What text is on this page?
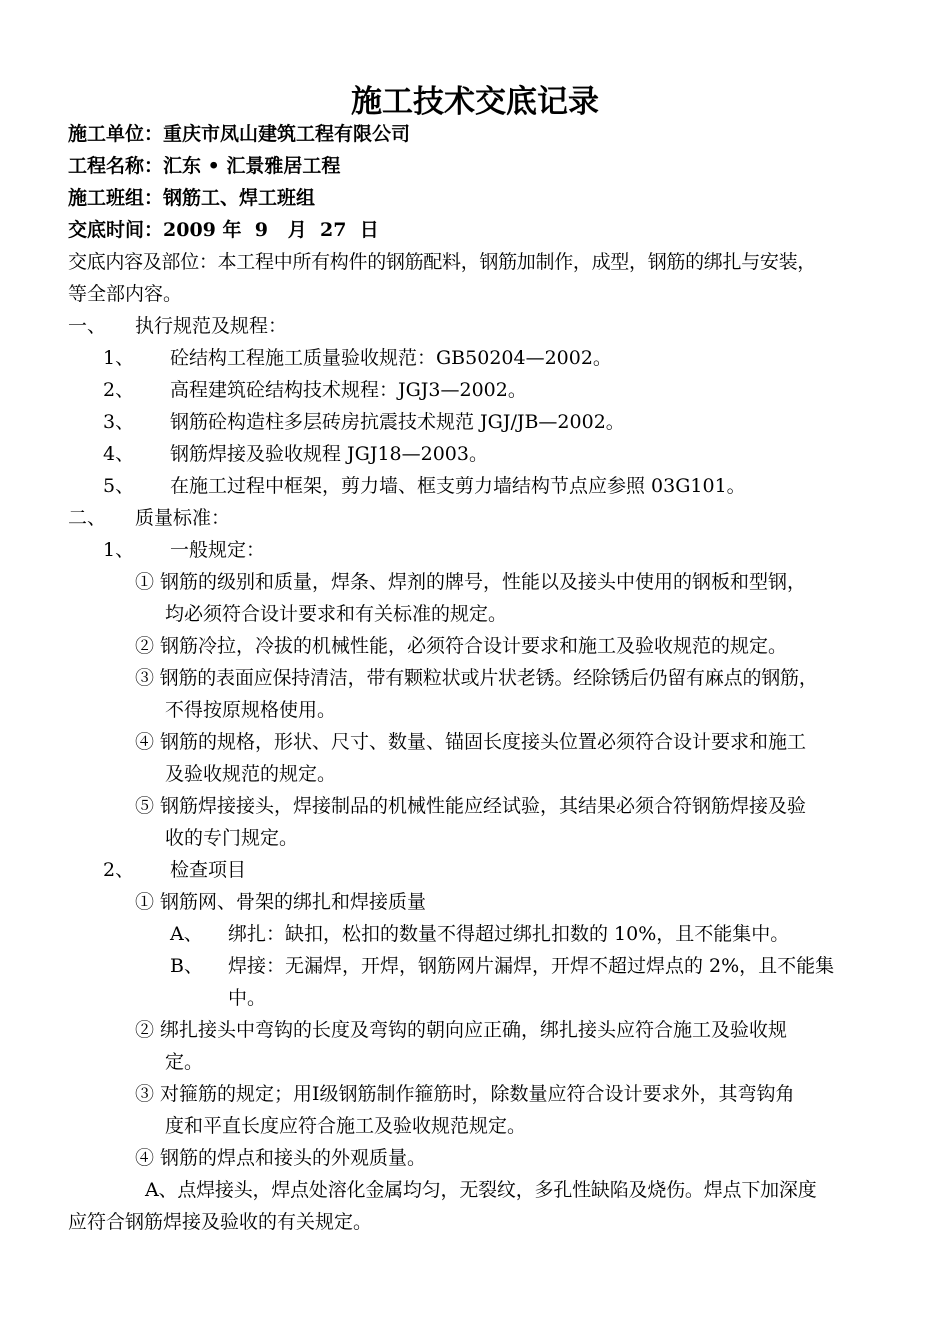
施工技术交底记录
施工单位：重庆市凤山建筑工程有限公司
工程名称：汇东 • 汇景雅居工程
施工班组：钢筋工、焊工班组
交底时间：2009 年  9   月  27  日
交底内容及部位：本工程中所有构件的钢筋配料，钢筋加制作，成型，钢筋的绑扎与安装，
等全部内容。
一、 执行规范及规程：
1、 砼结构工程施工质量验收规范：GB50204—2002。
2、 高程建筑砼结构技术规程：JGJ3—2002。
3、 钢筋砼构造柱多层砖房抗震技术规范 JGJ/JB—2002。
4、 钢筋焊接及验收规程 JGJ18—2003。
5、 在施工过程中框架，剪力墙、框支剪力墙结构节点应参照 03G101。
二、 质量标准：
1、 一般规定：
① 钢筋的级别和质量，焊条、焊剂的牌号，性能以及接头中使用的钢板和型钢，
均必须符合设计要求和有关标准的规定。
② 钢筋冷拉，冷拔的机械性能，必须符合设计要求和施工及验收规范的规定。
③ 钢筋的表面应保持清洁，带有颗粒状或片状老锈。经除锈后仍留有麻点的钢筋，
不得按原规格使用。
④ 钢筋的规格，形状、尺寸、数量、锚固长度接头位置必须符合设计要求和施工
及验收规范的规定。
⑤ 钢筋焊接接头，焊接制品的机械性能应经试验，其结果必须合符钢筋焊接及验
收的专门规定。
2、 检查项目
① 钢筋网、骨架的绑扎和焊接质量
A、 绑扎：缺扣，松扣的数量不得超过绑扎扣数的 10%，且不能集中。
B、 焊接：无漏焊，开焊，钢筋网片漏焊，开焊不超过焊点的 2%，且不能集
中。
② 绑扎接头中弯钩的长度及弯钩的朝向应正确，绑扎接头应符合施工及验收规
定。
③ 对箍筋的规定；用Ⅰ级钢筋制作箍筋时，除数量应符合设计要求外，其弯钩角
度和平直长度应符合施工及验收规范规定。
④ 钢筋的焊点和接头的外观质量。
A、点焊接头，焊点处溶化金属均匀，无裂纹，多孔性缺陷及烧伤。焊点下加深度
应符合钢筋焊接及验收的有关规定。
